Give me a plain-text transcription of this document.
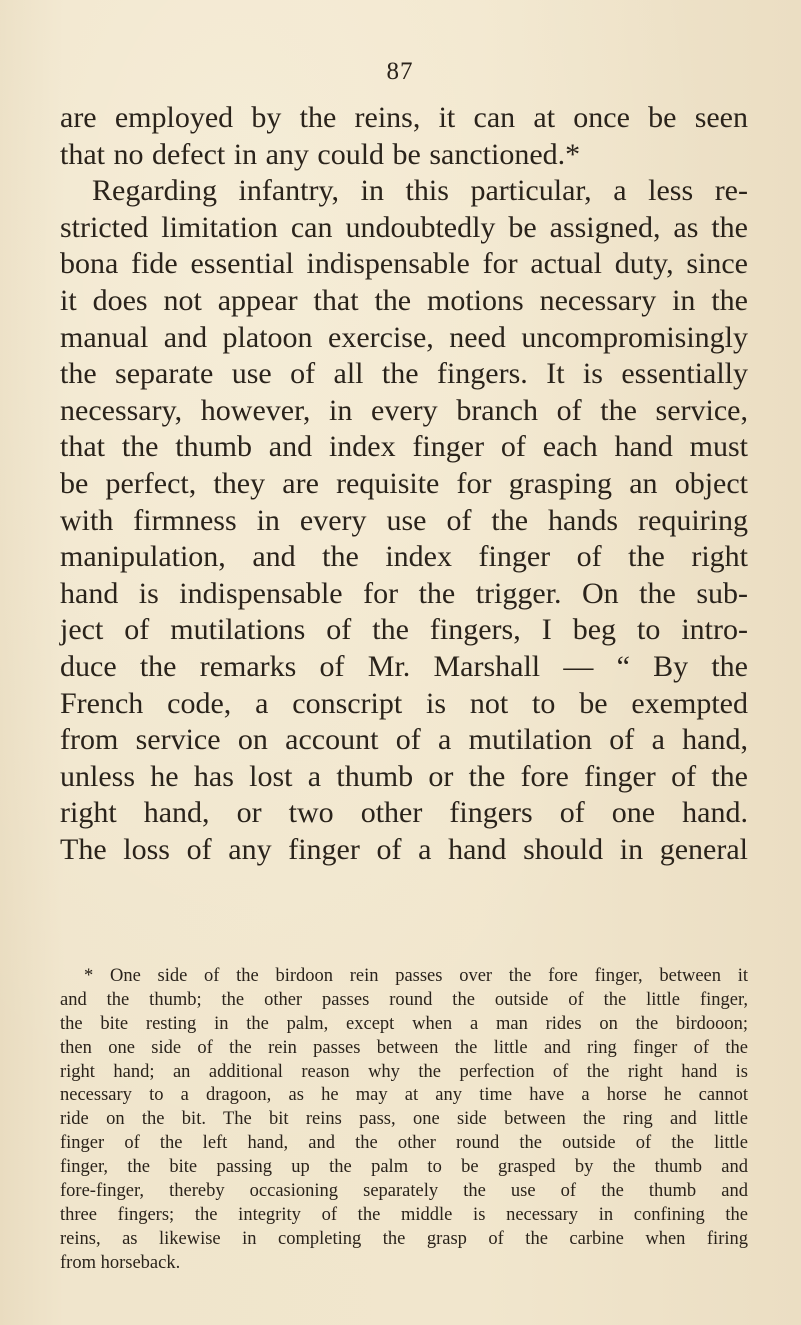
87
are employed by the reins, it can at once be seen
that no defect in any could be sanctioned.*
Regarding infantry, in this particular, a less re-
stricted limitation can undoubtedly be assigned, as the
bona fide essential indispensable for actual duty, since
it does not appear that the motions necessary in the
manual and platoon exercise, need uncompromisingly
the separate use of all the fingers. It is essentially
necessary, however, in every branch of the service,
that the thumb and index finger of each hand must
be perfect, they are requisite for grasping an object
with firmness in every use of the hands requiring
manipulation, and the index finger of the right
hand is indispensable for the trigger. On the sub-
ject of mutilations of the fingers, I beg to intro-
duce the remarks of Mr. Marshall — “ By the
French code, a conscript is not to be exempted
from service on account of a mutilation of a hand,
unless he has lost a thumb or the fore finger of the
right hand, or two other fingers of one hand.
The loss of any finger of a hand should in general
* One side of the birdoon rein passes over the fore finger, between it
and the thumb; the other passes round the outside of the little finger,
the bite resting in the palm, except when a man rides on the birdooon;
then one side of the rein passes between the little and ring finger of the
right hand; an additional reason why the perfection of the right hand is
necessary to a dragoon, as he may at any time have a horse he cannot
ride on the bit. The bit reins pass, one side between the ring and little
finger of the left hand, and the other round the outside of the little
finger, the bite passing up the palm to be grasped by the thumb and
fore-finger, thereby occasioning separately the use of the thumb and
three fingers; the integrity of the middle is necessary in confining the
reins, as likewise in completing the grasp of the carbine when firing
from horseback.
